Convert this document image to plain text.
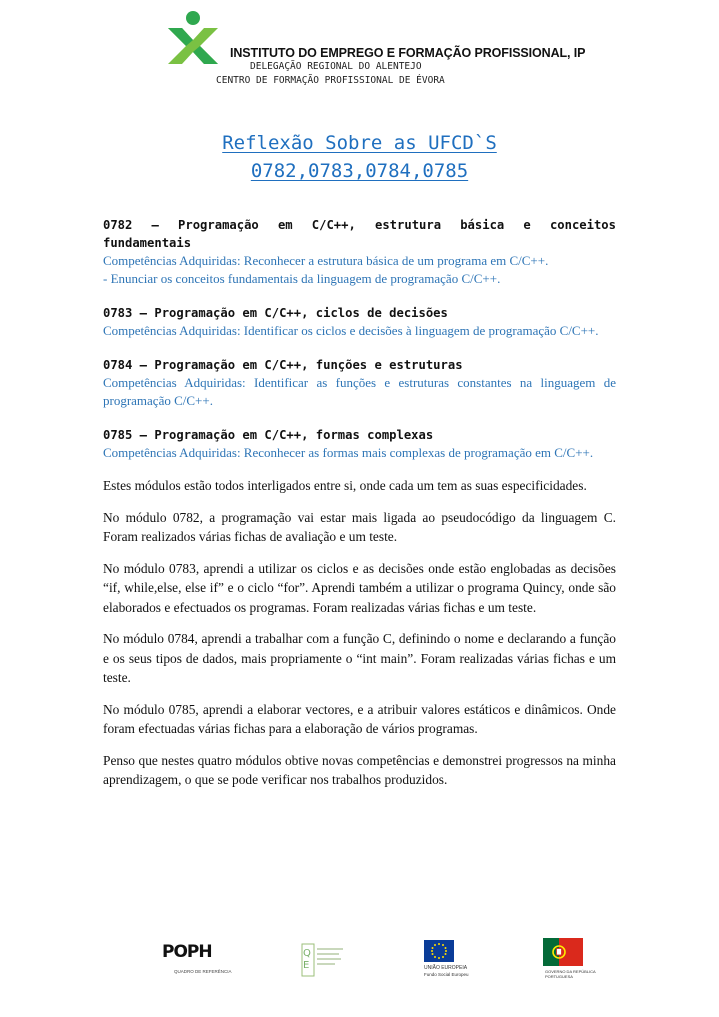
INSTITUTO DO EMPREGO E FORMAÇÃO PROFISSIONAL, IP
DELEGAÇÃO REGIONAL DO ALENTEJO
CENTRO DE FORMAÇÃO PROFISSIONAL DE ÉVORA
Reflexão Sobre as UFCD`S
0782,0783,0784,0785

0782 – Programação em C/C++, estrutura básica e conceitos fundamentais

Competências Adquiridas: Reconhecer a estrutura básica de um programa em C/C++.

- Enunciar os conceitos fundamentais da linguagem de programação C/C++.

0783 – Programação em C/C++, ciclos de decisões

Competências Adquiridas: Identificar os ciclos e decisões à linguagem de programação C/C++.

0784 – Programação em C/C++, funções e estruturas

Competências Adquiridas: Identificar as funções e estruturas constantes na linguagem de programação C/C++.

0785 – Programação em C/C++, formas complexas

Competências Adquiridas: Reconhecer as formas mais complexas de programação em C/C++.

Estes módulos estão todos interligados entre si, onde cada um tem as suas especificidades.

No módulo 0782, a programação vai estar mais ligada ao pseudocódigo da linguagem C. Foram realizados várias fichas de avaliação e um teste.

No módulo 0783, aprendi a utilizar os ciclos e as decisões onde estão englobadas as decisões “if, while,else, else if” e o ciclo “for”. Aprendi também a utilizar o programa Quincy, onde são elaborados e efectuados os programas. Foram realizadas várias fichas e um teste.

No módulo 0784, aprendi a trabalhar com a função C, definindo o nome e declarando a função e os seus tipos de dados, mais propriamente o “int main”. Foram realizadas várias fichas e um teste.

No módulo 0785, aprendi a elaborar vectores, e a atribuir valores estáticos e dinâmicos. Onde foram efectuadas várias fichas para a elaboração de vários programas.

Penso que nestes quatro módulos obtive novas competências e demonstrei progressos na minha aprendizagem, o que se pode verificar nos trabalhos produzidos.

POPH
QUADRO DE REFERÊNCIA
Q
E	UNIÃO EUROPEIA
Fundo Social Europeu
GOVERNO DA REPÚBLICA
PORTUGUESA
